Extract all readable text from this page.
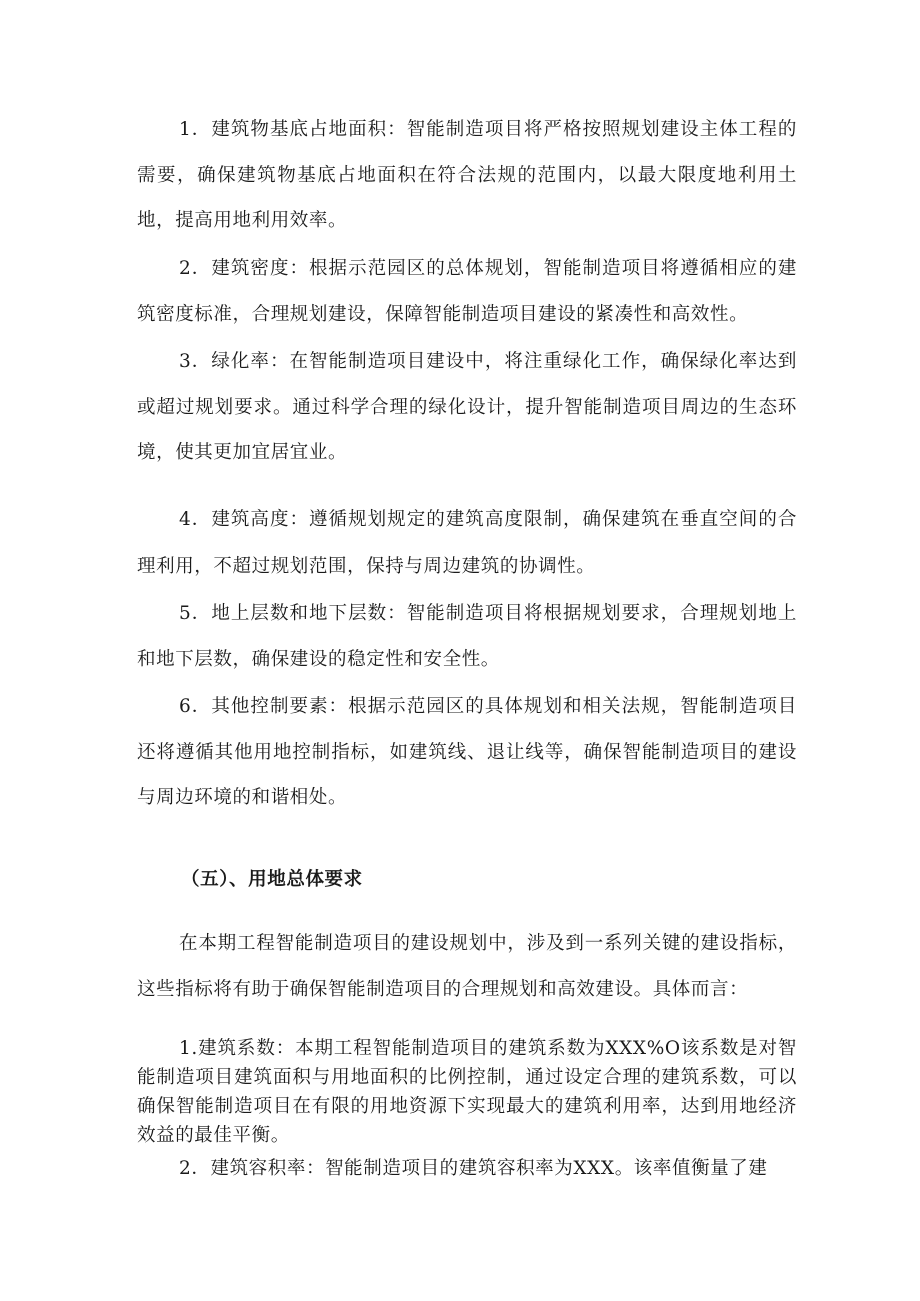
1．建筑物基底占地面积：智能制造项目将严格按照规划建设主体工程的需要，确保建筑物基底占地面积在符合法规的范围内，以最大限度地利用土地，提高用地利用效率。

2．建筑密度：根据示范园区的总体规划，智能制造项目将遵循相应的建筑密度标准，合理规划建设，保障智能制造项目建设的紧凑性和高效性。

3．绿化率：在智能制造项目建设中，将注重绿化工作，确保绿化率达到或超过规划要求。通过科学合理的绿化设计，提升智能制造项目周边的生态环境，使其更加宜居宜业。

4．建筑高度：遵循规划规定的建筑高度限制，确保建筑在垂直空间的合理利用，不超过规划范围，保持与周边建筑的协调性。

5．地上层数和地下层数：智能制造项目将根据规划要求，合理规划地上和地下层数，确保建设的稳定性和安全性。

6．其他控制要素：根据示范园区的具体规划和相关法规，智能制造项目还将遵循其他用地控制指标，如建筑线、退让线等，确保智能制造项目的建设与周边环境的和谐相处。

（五）、用地总体要求

在本期工程智能制造项目的建设规划中，涉及到一系列关键的建设指标，这些指标将有助于确保智能制造项目的合理规划和高效建设。具体而言：

1.建筑系数：本期工程智能制造项目的建筑系数为XXX%O该系数是对智能制造项目建筑面积与用地面积的比例控制，通过设定合理的建筑系数，可以确保智能制造项目在有限的用地资源下实现最大的建筑利用率，达到用地经济效益的最佳平衡。

2．建筑容积率：智能制造项目的建筑容积率为XXX。该率值衡量了建
